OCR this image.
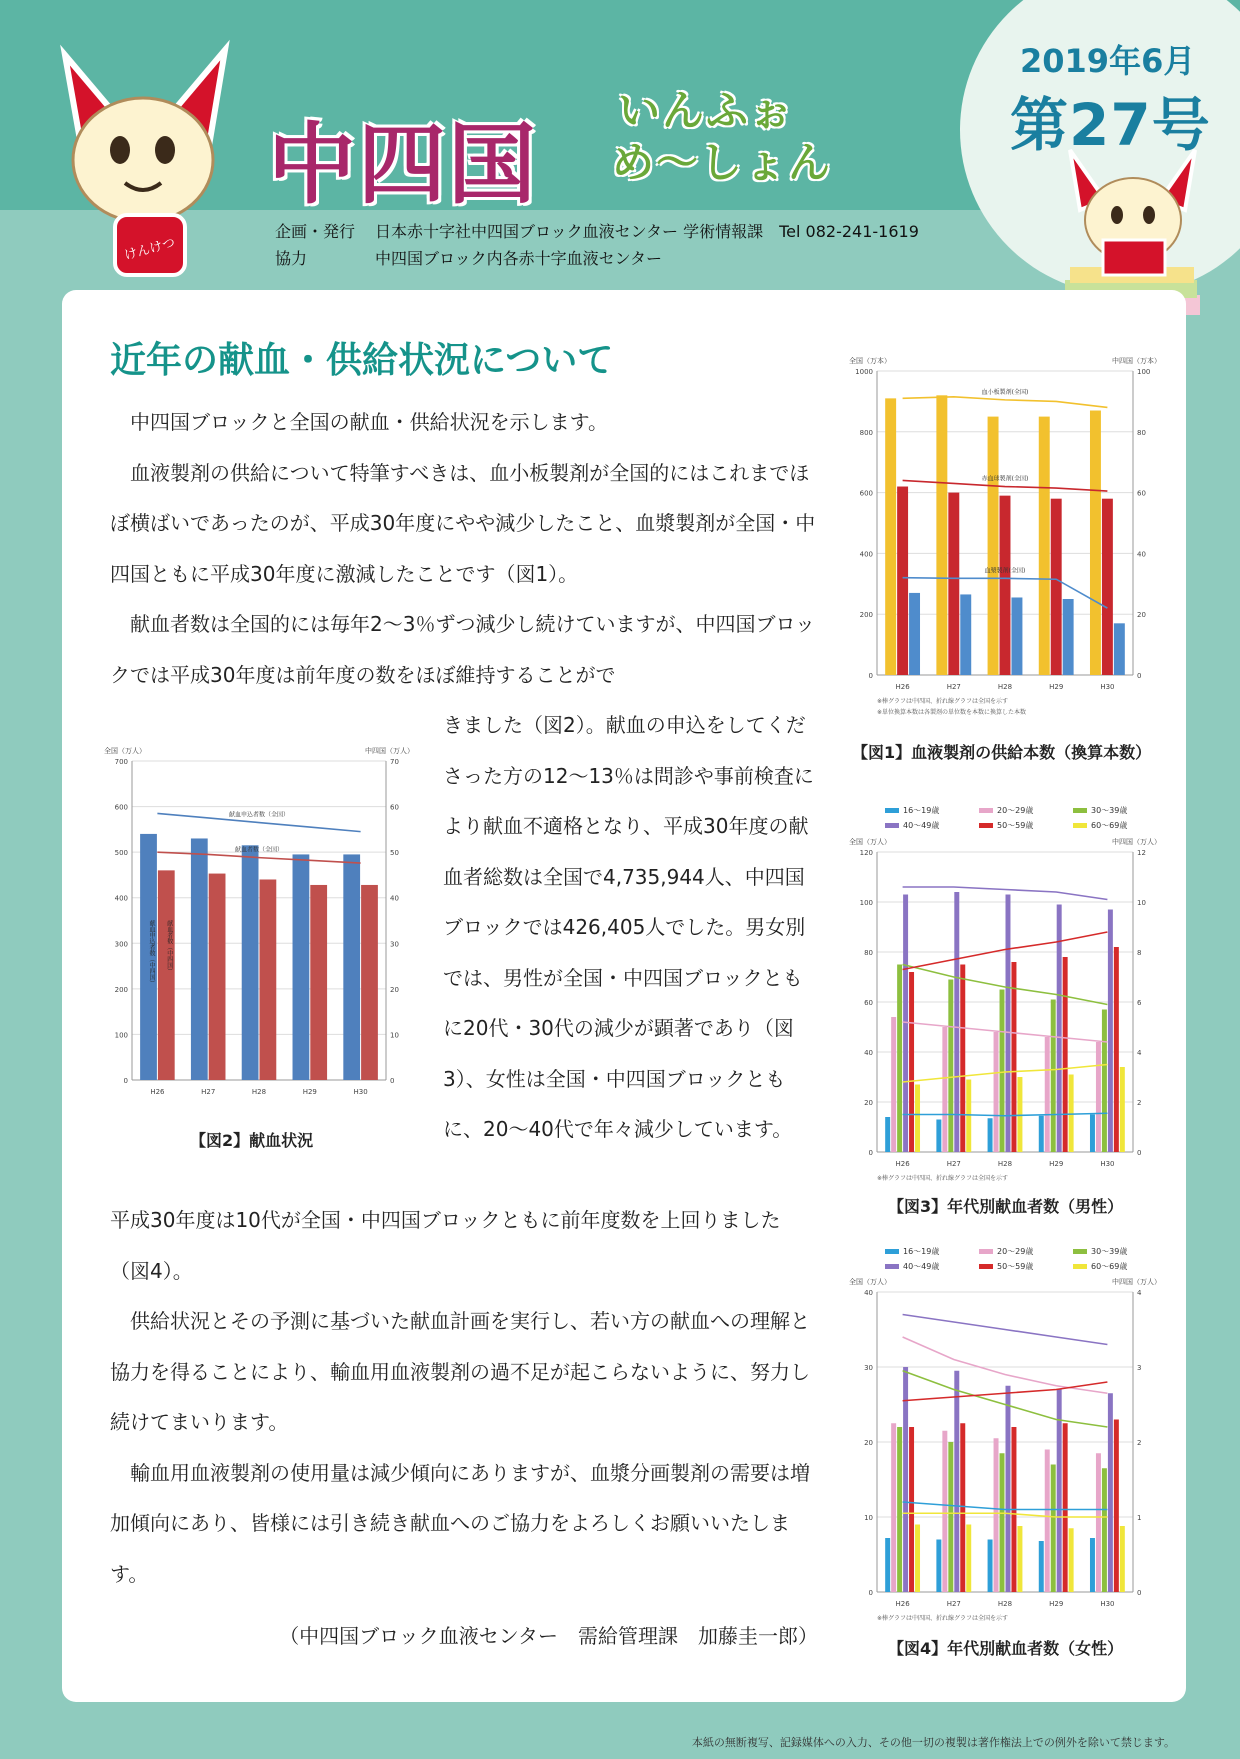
けんけつ
中四国
いんふぉ
め〜しょん
2019年6月
第27号
企画・発行 日本赤十字社中四国ブロック血液センター 学術情報課　Tel 082-241-1619
協力	中四国ブロック内各赤十字血液センター
近年の献血・供給状況について
中四国ブロックと全国の献血・供給状況を示します。
血液製剤の供給について特筆すべきは、血小板製剤が全国的にはこれまでほぼ横ばいであったのが、平成30年度にやや減少したこと、血漿製剤が全国・中四国ともに平成30年度に激減したことです（図1）。
献血者数は全国的には毎年2〜3％ずつ減少し続けていますが、中四国ブロックでは平成30年度は前年度の数をほぼ維持することがで
きました（図2）。献血の申込をしてくださった方の12〜13％は問診や事前検査により献血不適格となり、平成30年度の献血者総数は全国で4,735,944人、中四国ブロックでは426,405人でした。男女別では、男性が全国・中四国ブロックともに20代・30代の減少が顕著であり（図3）、女性は全国・中四国ブロックともに、20〜40代で年々減少しています。
平成30年度は10代が全国・中四国ブロックともに前年度数を上回りました（図4）。
供給状況とその予測に基づいた献血計画を実行し、若い方の献血への理解と協力を得ることにより、輸血用血液製剤の過不足が起こらないように、努力し続けてまいります。
輸血用血液製剤の使用量は減少傾向にありますが、血漿分画製剤の需要は増加傾向にあり、皆様には引き続き献血へのご協力をよろしくお願いいたします。
（中四国ブロック血液センター　需給管理課　加藤圭一郎）
全国（万本）	中四国（万本）
0	0
200	20
400	40
600	60
800	80
1000	100
H26	H27	H28	H29	H30
血小板製剤(全国)
赤血球製剤(全国)
血漿製剤(全国)
※棒グラフは中四国、折れ線グラフは全国を示す
※単位換算本数は各製剤の単位数を本数に換算した本数
【図1】血液製剤の供給本数（換算本数）
全国（万人）	中四国（万人）
0	0
100	10
200	20
300	30
400	40
500	50
600	60
700	70
H26	H27	H28	H29	H30
献血申込者数（全国）
献血者数（全国）
献血申込者数（中四国） 献血者数（中四国）
【図2】献血状況
16〜19歳	20〜29歳	30〜39歳
40〜49歳	50〜59歳	60〜69歳
全国（万人）	中四国（万人）
0	0
20	2
40	4
60	6
80	8
100	10
120	12
H26	H27	H28	H29	H30
※棒グラフは中四国、折れ線グラフは全国を示す
【図3】年代別献血者数（男性）
16〜19歳	20〜29歳	30〜39歳
40〜49歳	50〜59歳	60〜69歳
全国（万人）	中四国（万人）
0	0
10	1
20	2
30	3
40	4
H26	H27	H28	H29	H30
※棒グラフは中四国、折れ線グラフは全国を示す
【図4】年代別献血者数（女性）
本紙の無断複写、記録媒体への入力、その他一切の複製は著作権法上での例外を除いて禁じます。
